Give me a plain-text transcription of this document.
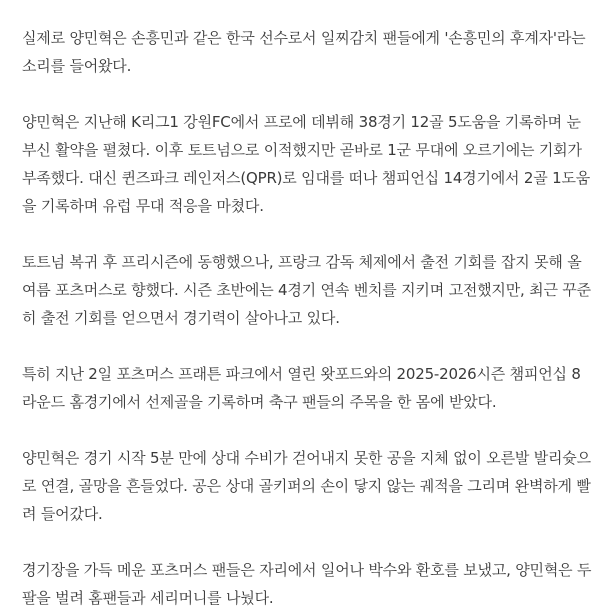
실제로 양민혁은 손흥민과 같은 한국 선수로서 일찌감치 팬들에게 '손흥민의 후계자'라는
소리를 들어왔다.

양민혁은 지난해 K리그1 강원FC에서 프로에 데뷔해 38경기 12골 5도움을 기록하며 눈
부신 활약을 펼쳤다. 이후 토트넘으로 이적했지만 곧바로 1군 무대에 오르기에는 기회가
부족했다. 대신 퀸즈파크 레인저스(QPR)로 임대를 떠나 챔피언십 14경기에서 2골 1도움
을 기록하며 유럽 무대 적응을 마쳤다.

토트넘 복귀 후 프리시즌에 동행했으나, 프랑크 감독 체제에서 출전 기회를 잡지 못해 올
여름 포츠머스로 향했다. 시즌 초반에는 4경기 연속 벤치를 지키며 고전했지만, 최근 꾸준
히 출전 기회를 얻으면서 경기력이 살아나고 있다.

특히 지난 2일 포츠머스 프래튼 파크에서 열린 왓포드와의 2025-2026시즌 챔피언십 8
라운드 홈경기에서 선제골을 기록하며 축구 팬들의 주목을 한 몸에 받았다.

양민혁은 경기 시작 5분 만에 상대 수비가 걷어내지 못한 공을 지체 없이 오른발 발리슛으
로 연결, 골망을 흔들었다. 공은 상대 골키퍼의 손이 닿지 않는 궤적을 그리며 완벽하게 빨
려 들어갔다.

경기장을 가득 메운 포츠머스 팬들은 자리에서 일어나 박수와 환호를 보냈고, 양민혁은 두
팔을 벌려 홈팬들과 세리머니를 나눴다.
